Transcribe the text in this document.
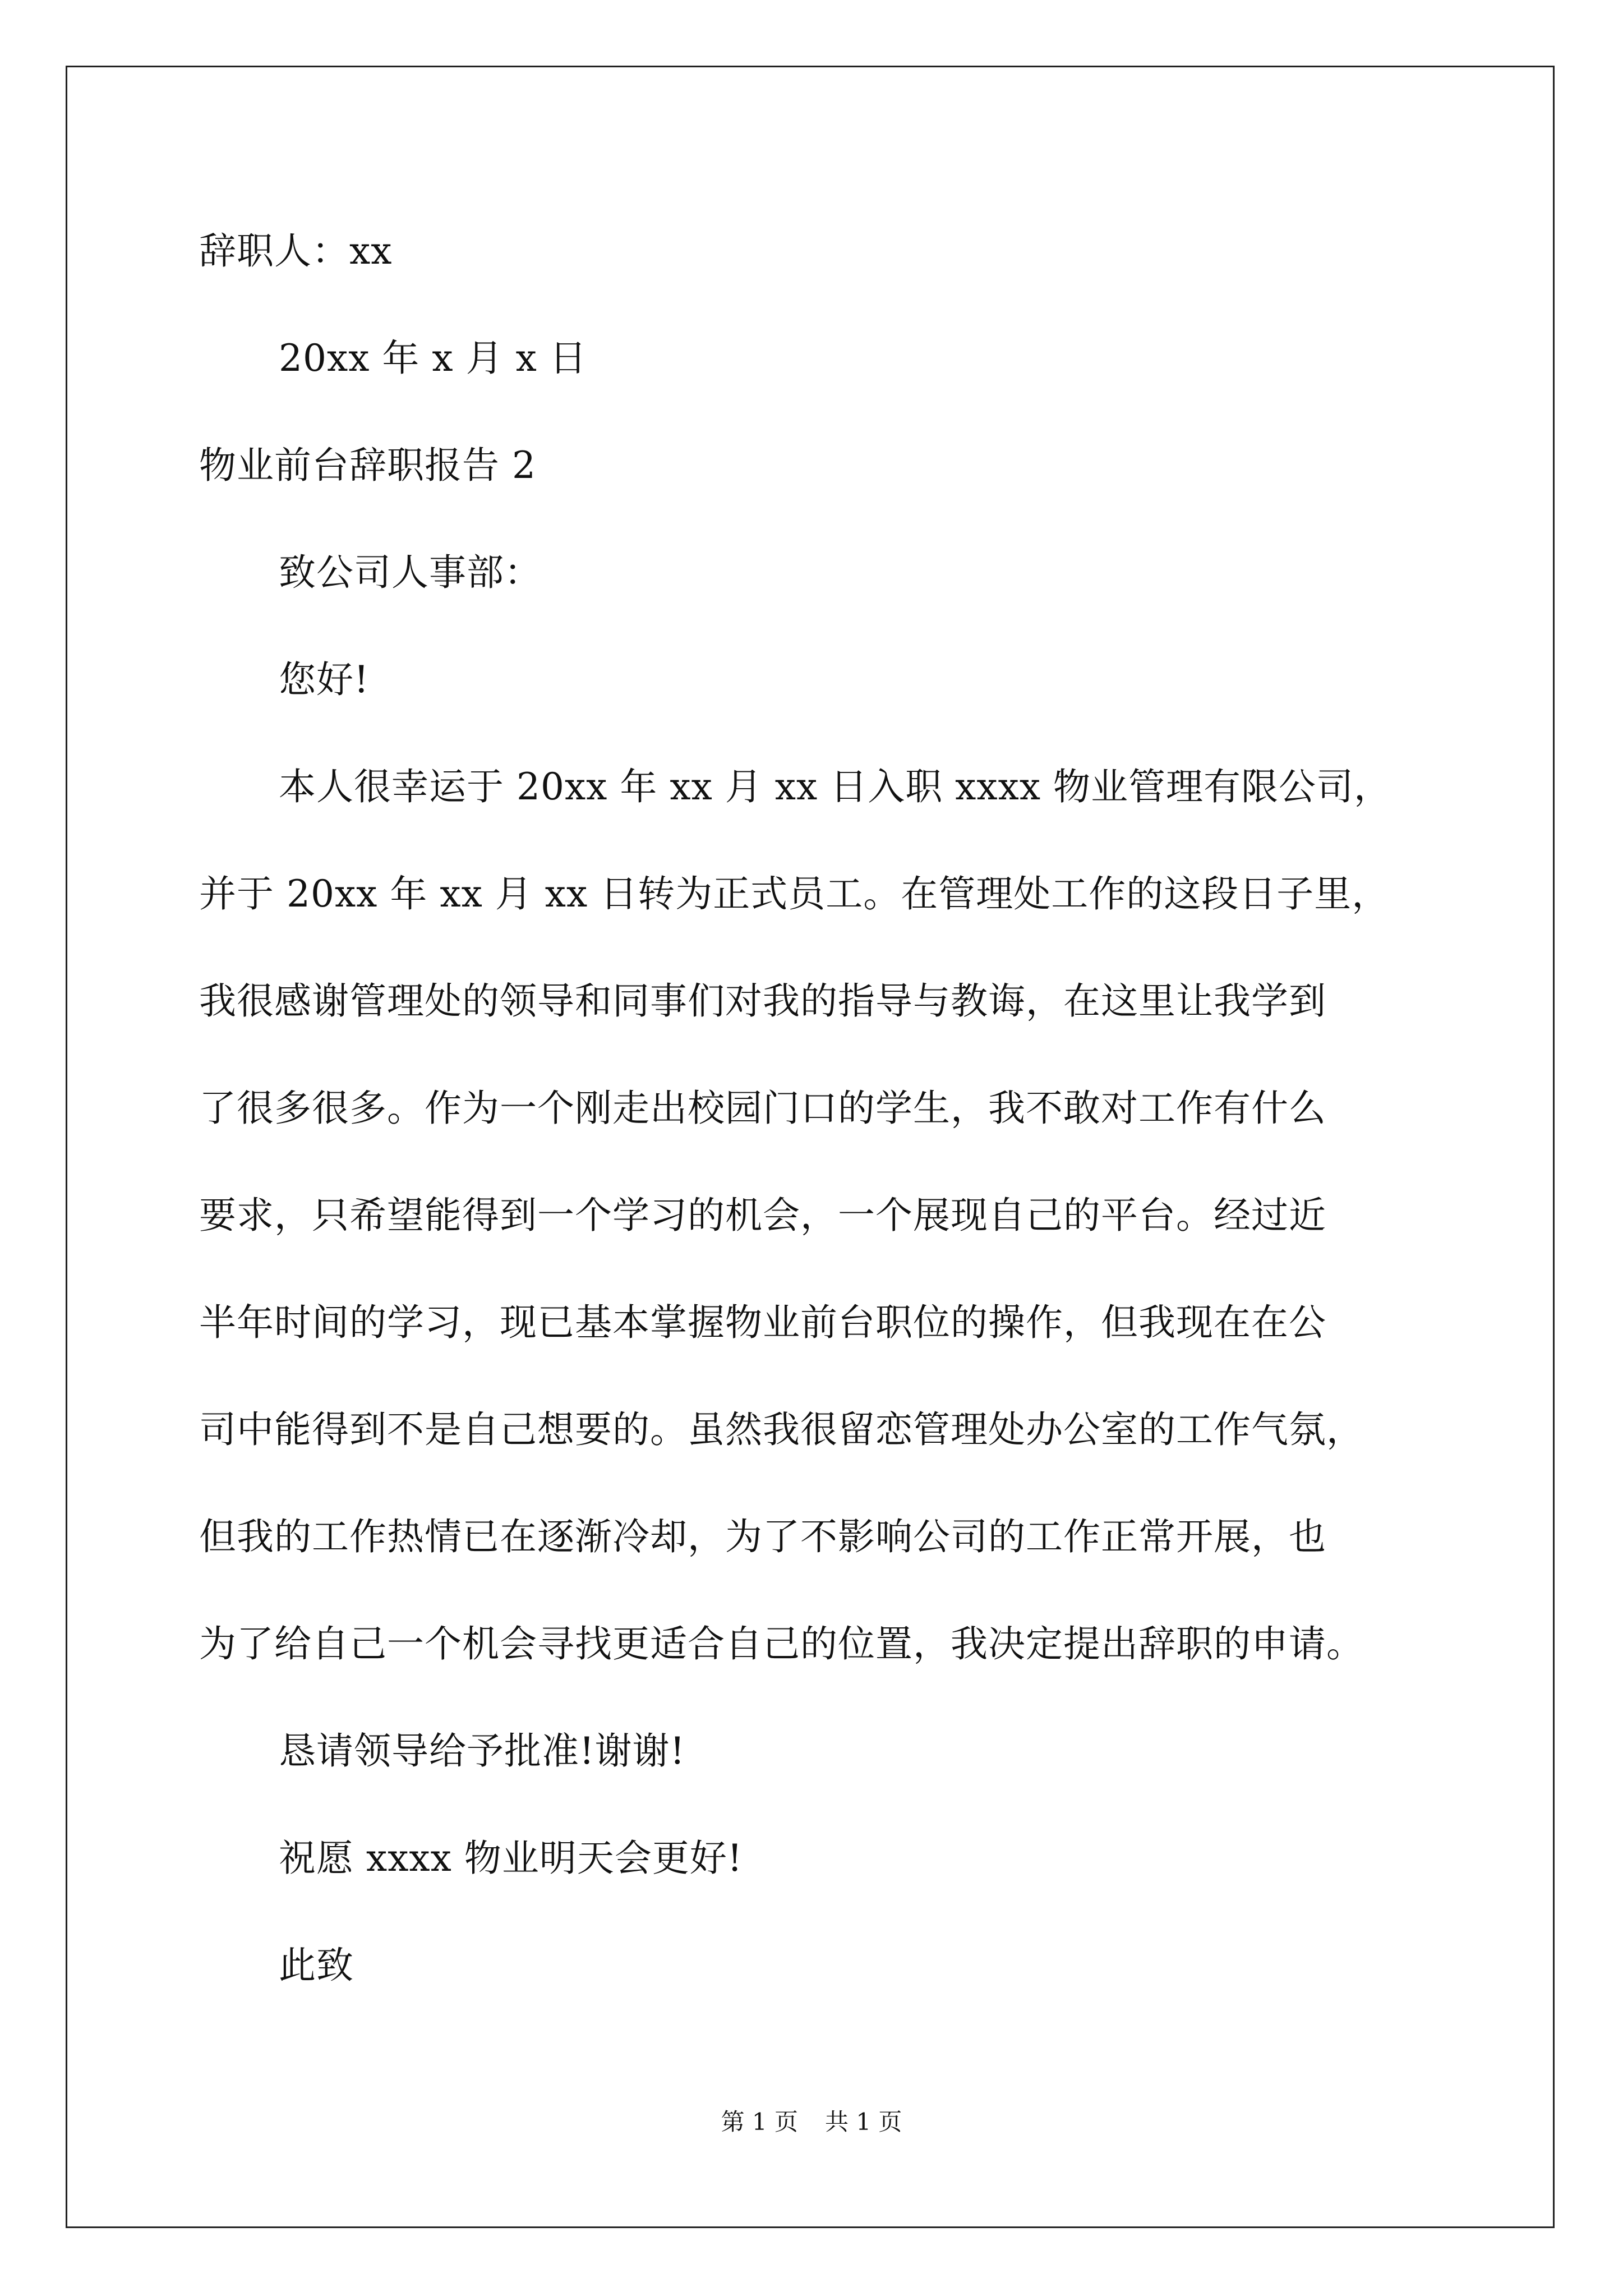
辞职人：xx
20xx 年 x 月 x 日
物业前台辞职报告 2
致公司人事部：
您好!
本人很幸运于 20xx 年 xx 月 xx 日入职 xxxx 物业管理有限公司，
并于 20xx 年 xx 月 xx 日转为正式员工。在管理处工作的这段日子里，
我很感谢管理处的领导和同事们对我的指导与教诲，在这里让我学到
了很多很多。作为一个刚走出校园门口的学生，我不敢对工作有什么
要求，只希望能得到一个学习的机会，一个展现自己的平台。经过近
半年时间的学习，现已基本掌握物业前台职位的操作，但我现在在公
司中能得到不是自己想要的。虽然我很留恋管理处办公室的工作气氛，
但我的工作热情已在逐渐冷却，为了不影响公司的工作正常开展，也
为了给自己一个机会寻找更适合自己的位置，我决定提出辞职的申请。
恳请领导给予批准!谢谢!
祝愿 xxxx 物业明天会更好!
此致
第 1 页 共 1 页
